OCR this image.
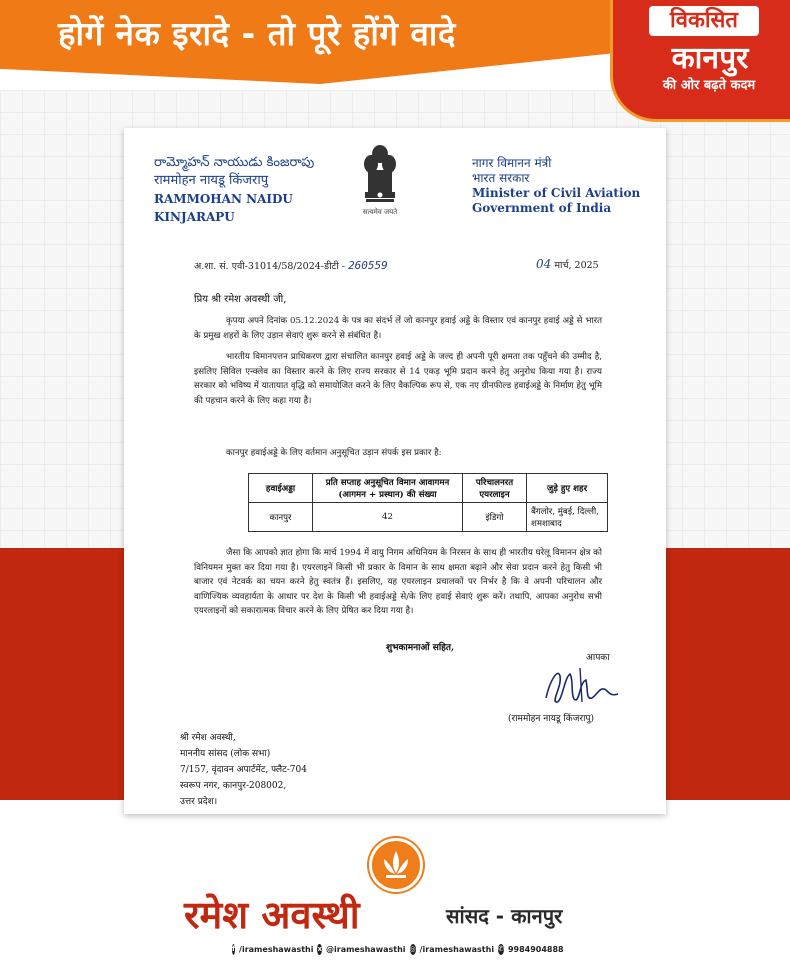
होगें नेक इरादे - तो पूरे होंगे वादे	विकसित
कानपुर
की ओर बढ़ते कदम
రామ్మోహన్ నాయుడు కింజరాపు
राममोहन नायडू किंजरापु
RAMMOHAN NAIDU KINJARAPU	सत्यमेव जयते
नागर विमानन मंत्री
भारत सरकार
Minister of Civil Aviation
Government of India
अ.शा. सं. एवी-31014/58/2024-डीटी - 260559	04 मार्च, 2025
प्रिय श्री रमेश अवस्थी जी,
कृपया अपने दिनांक 05.12.2024 के पत्र का संदर्भ लें जो कानपुर हवाई अड्डे के विस्तार एवं कानपुर हवाई अड्डे से भारत के प्रमुख शहरों के लिए उड़ान सेवाएं शुरू करने से संबंधित है।
भारतीय विमानपत्तन प्राधिकरण द्वारा संचालित कानपुर हवाई अड्डे के जल्द ही अपनी पूरी क्षमता तक पहुँचने की उम्मीद है, इसलिए सिविल एन्क्लेव का विस्तार करने के लिए राज्य सरकार से 14 एकड़ भूमि प्रदान करने हेतु अनुरोध किया गया है। राज्य सरकार को भविष्य में यातायात वृद्धि को समायोजित करने के लिए वैकल्पिक रूप से, एक नए ग्रीनफील्ड हवाईअड्डे के निर्माण हेतु भूमि की पहचान करने के लिए कहा गया है।
कानपुर हवाईअड्डे के लिए वर्तमान अनुसूचित उड़ान संपर्क इस प्रकार है:
हवाईअड्डा	प्रति सप्ताह अनुसूचित विमान आवागमन (आगमन + प्रस्थान) की संख्या	परिचालनरत एयरलाइन	जुड़े हुए शहर
कानपुर	42	इंडिगो	बैंगलोर, मुंबई, दिल्ली, शमशाबाद
जैसा कि आपको ज्ञात होगा कि मार्च 1994 में वायु निगम अधिनियम के निरसन के साथ ही भारतीय घरेलू विमानन क्षेत्र को विनियमन मुक्त कर दिया गया है। एयरलाइनें किसी भी प्रकार के विमान के साथ क्षमता बढ़ाने और सेवा प्रदान करने हेतु किसी भी बाजार एवं नेटवर्क का चयन करने हेतु स्वतंत्र हैं। इसलिए, यह एयरलाइन प्रचालकों पर निर्भर है कि वे अपनी परिचालन और वाणिज्यिक व्यवहार्यता के आधार पर देश के किसी भी हवाईअड्डे से/के लिए हवाई सेवाएं शुरू करें। तथापि, आपका अनुरोध सभी एयरलाइनों को सकारात्मक विचार करने के लिए प्रेषित कर दिया गया है।
शुभकामनाओं सहित,
आपका
(राममोहन नायडू किंजरापु)
श्री रमेश अवस्थी,
माननीय सांसद (लोक सभा)
7/157, वृंदावन अपार्टमेंट, फ्लैट-704
स्वरूप नगर, कानपुर-208002,
उत्तर प्रदेश।
रमेश अवस्थी	सांसद - कानपुर
f /irameshawasthi x @irameshawasthi ◎ /irameshawasthi ✆ 9984904888
